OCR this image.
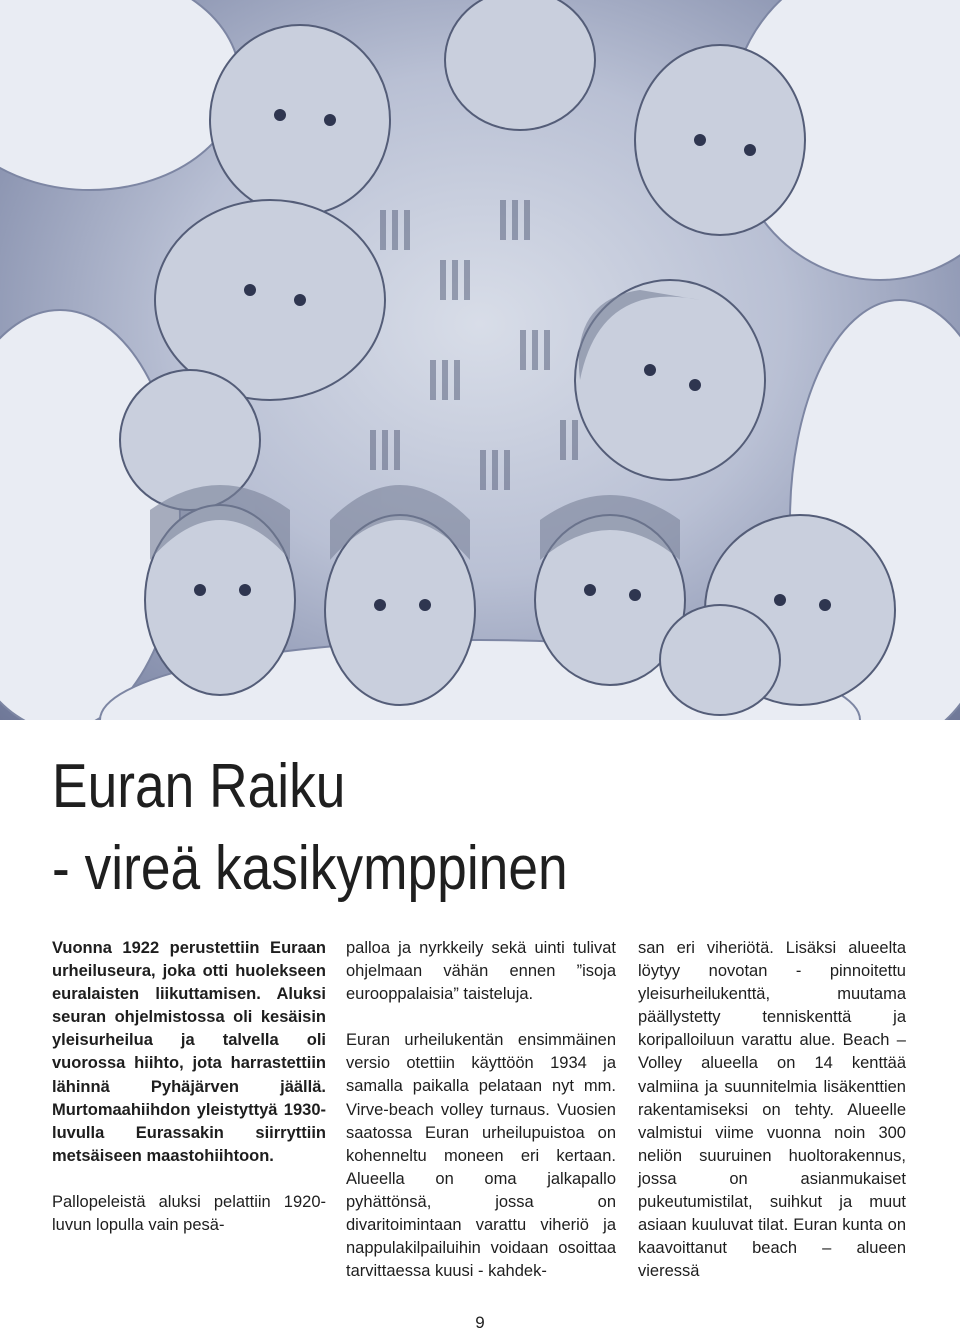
Euran Raiku
- vireä kasikymppinen

Vuonna 1922 perustettiin Euraan urheiluseura, joka otti huolekseen euralaisten liikuttamisen. Aluksi seuran ohjelmistossa oli kesäisin yleisurheilua ja talvella oli vuorossa hiihto, jota harrastettiin lähinnä Pyhäjärven jäällä. Murtomaahiihdon yleistyttyä 1930-luvulla Eurassakin siirryttiin metsäiseen maastohiihtoon.

Pallopeleistä aluksi pelattiin 1920-luvun lopulla vain pesä-

palloa ja nyrkkeily sekä uinti tulivat ohjelmaan vähän ennen ”isoja eurooppalaisia” taisteluja.

Euran urheilukentän ensimmäinen versio otettiin käyttöön 1934 ja samalla paikalla pelataan nyt mm. Virve-beach volley turnaus. Vuosien saatossa Euran urheilupuistoa on kohenneltu moneen eri kertaan. Alueella on oma jalkapallo pyhättönsä, jossa on divaritoimintaan varattu viheriö ja nappulakilpailuihin voidaan osoittaa tarvittaessa kuusi - kahdek-

san eri viheriötä. Lisäksi alueelta löytyy novotan - pinnoitettu yleisurheilukenttä, muutama päällystetty tenniskenttä ja koripalloiluun varattu alue. Beach – Volley alueella on 14 kenttää valmiina ja suunnitelmia lisäkenttien rakentamiseksi on tehty. Alueelle valmistui viime vuonna noin 300 neliön suuruinen huoltorakennus, jossa on asianmukaiset pukeutumistilat, suihkut ja muut asiaan kuuluvat tilat. Euran kunta on kaavoittanut beach – alueen vieressä

9
